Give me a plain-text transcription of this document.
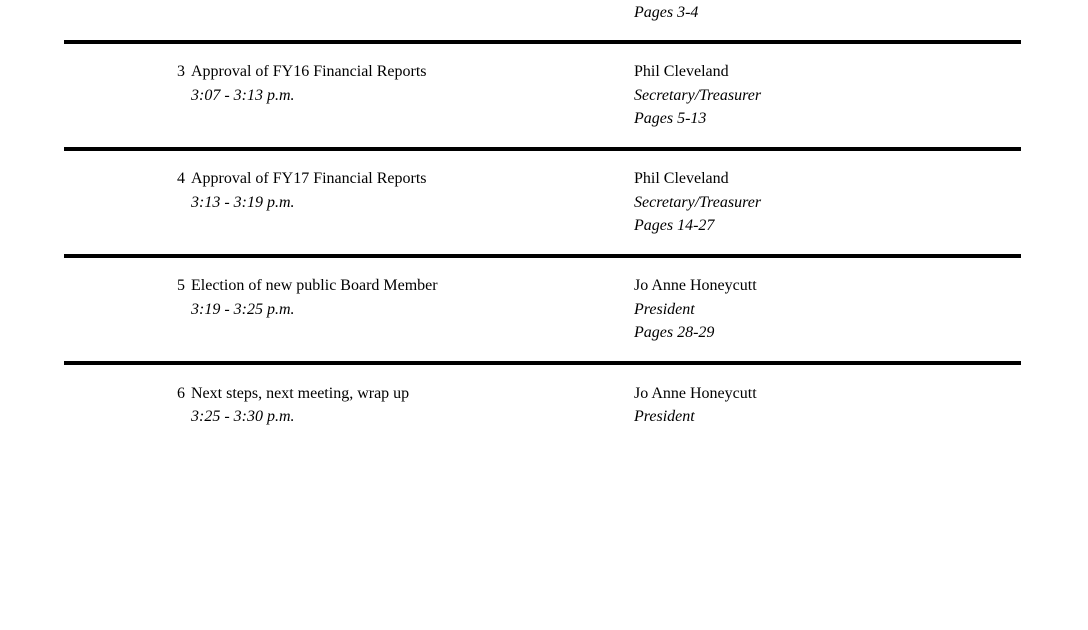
Pages 3-4
3 Approval of FY16 Financial Reports
3:07 - 3:13 p.m.
Phil Cleveland
Secretary/Treasurer
Pages 5-13
4 Approval of FY17 Financial Reports
3:13 - 3:19 p.m.
Phil Cleveland
Secretary/Treasurer
Pages 14-27
5 Election of new public Board Member
3:19 - 3:25 p.m.
Jo Anne Honeycutt
President
Pages 28-29
6 Next steps, next meeting, wrap up
3:25 - 3:30 p.m.
Jo Anne Honeycutt
President
